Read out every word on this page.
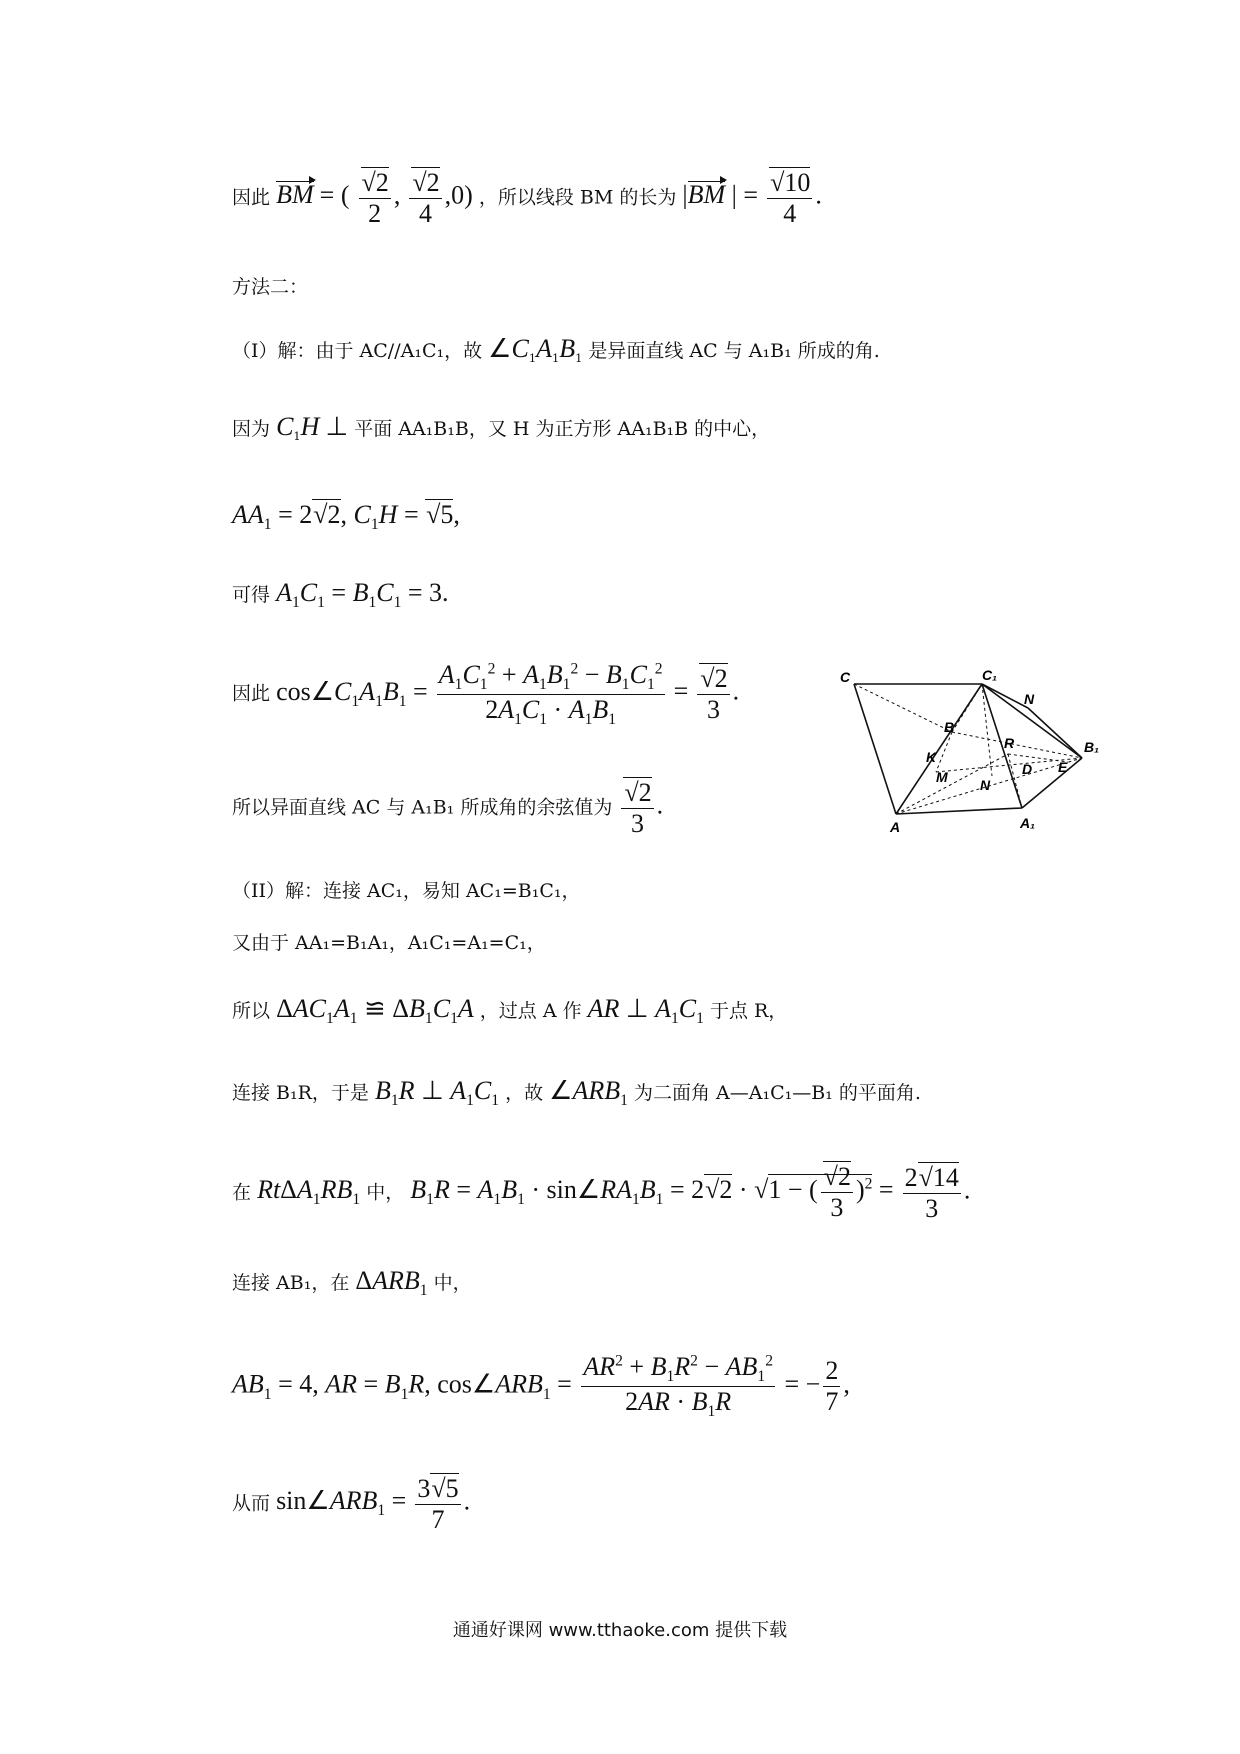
因此 BM = ( $\frac{√2}{2}$ , $\frac{√2}{4} ,0$) ，所以线段 BM 的长为 |BM | = $\frac{√10}{4}$ .
方法二：
（I）解：由于 AC//A₁C₁，故 $\angle C_1A_1B_1$ 是异面直线 AC 与 A₁B₁ 所成的角.
因为 $C_1H$ ⊥ 平面 AA₁B₁B，又 H 为正方形 AA₁B₁B 的中心，
$AA_1 = 2√2$, $C_1H = √5$,
可得 $A_1C_1 = B_1C_1 = 3$.
因此 $\cos\angle C_1A_1B_1 = \frac{A_1C_1^2 + A_1B_1^2 - B_1C_1^2}{2A_1C_1 \cdot A_1B_1} = \frac{√2}{3}$ .
所以异面直线 AC 与 A₁B₁ 所成角的余弦值为 $\frac{√2}{3}$ .
（II）解：连接 AC₁，易知 AC₁=B₁C₁，
又由于 AA₁=B₁A₁，A₁C₁=A₁=C₁，
所以 $\Delta AC_1A_1$ ≌ $\Delta B_1C_1A$ ，过点 A 作 AR ⊥ $A_1C_1$ 于点 R，
连接 B₁R，于是 $B_1R$ ⊥ $A_1C_1$ ，故 $\angle ARB_1$ 为二面角 A—A₁C₁—B₁ 的平面角.
在 $Rt\Delta A_1RB_1$ 中， $B_1R = A_1B_1$ · $\sin\angle RA_1B_1 = 2√2 \cdot √1$ − ( $\frac{√2}{3} )^2 = \frac{2√14}{3}$ .
连接 AB₁，在 $\Delta ARB_1$ 中，
$AB_1 = 4$, AR = $B_1R$, $\cos\angle ARB_1 = \frac{AR^2 + B_1R^2 - AB_1^2}{2AR \cdot B_1R}$ = − $\frac{2}{7}$ ,
从而 $\sin\angle ARB_1 = \frac{3√5}{7}$ .
C	C₁
B
N
R
D
B₁
E
K
M N
A	A₁
通通好课网 www.tthaoke.com 提供下载
